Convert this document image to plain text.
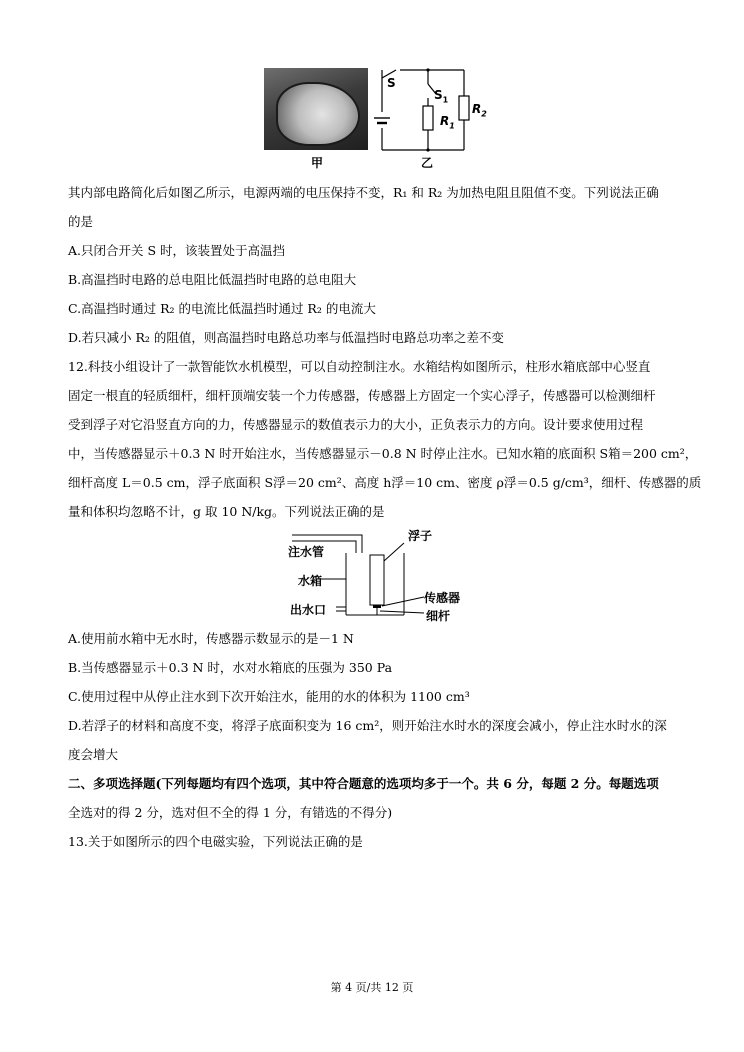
S
$S_1$
$R_1$
$R_2$
甲	乙
其内部电路简化后如图乙所示，电源两端的电压保持不变，R₁ 和 R₂ 为加热电阻且阻值不变。下列说法正确
的是
A.只闭合开关 S 时，该装置处于高温挡
B.高温挡时电路的总电阻比低温挡时电路的总电阻大
C.高温挡时通过 R₂ 的电流比低温挡时通过 R₂ 的电流大
D.若只减小 R₂ 的阻值，则高温挡时电路总功率与低温挡时电路总功率之差不变
12.科技小组设计了一款智能饮水机模型，可以自动控制注水。水箱结构如图所示，柱形水箱底部中心竖直
固定一根直的轻质细杆，细杆顶端安装一个力传感器，传感器上方固定一个实心浮子，传感器可以检测细杆
受到浮子对它沿竖直方向的力，传感器显示的数值表示力的大小，正负表示力的方向。设计要求使用过程
中，当传感器显示＋0.3 N 时开始注水，当传感器显示－0.8 N 时停止注水。已知水箱的底面积 S箱＝200 cm²，
细杆高度 L＝0.5 cm，浮子底面积 S浮＝20 cm²、高度 h浮＝10 cm、密度 ρ浮＝0.5 g/cm³，细杆、传感器的质
量和体积均忽略不计，g 取 10 N/kg。下列说法正确的是
注水管
水箱
出水口
浮子
传感器
细杆
A.使用前水箱中无水时，传感器示数显示的是－1 N
B.当传感器显示＋0.3 N 时，水对水箱底的压强为 350 Pa
C.使用过程中从停止注水到下次开始注水，能用的水的体积为 1100 cm³
D.若浮子的材料和高度不变，将浮子底面积变为 16 cm²，则开始注水时水的深度会减小，停止注水时水的深
度会增大
二、多项选择题(下列每题均有四个选项，其中符合题意的选项均多于一个。共 6 分，每题 2 分。每题选项
全选对的得 2 分，选对但不全的得 1 分，有错选的不得分)
13.关于如图所示的四个电磁实验，下列说法正确的是
第 4 页/共 12 页
